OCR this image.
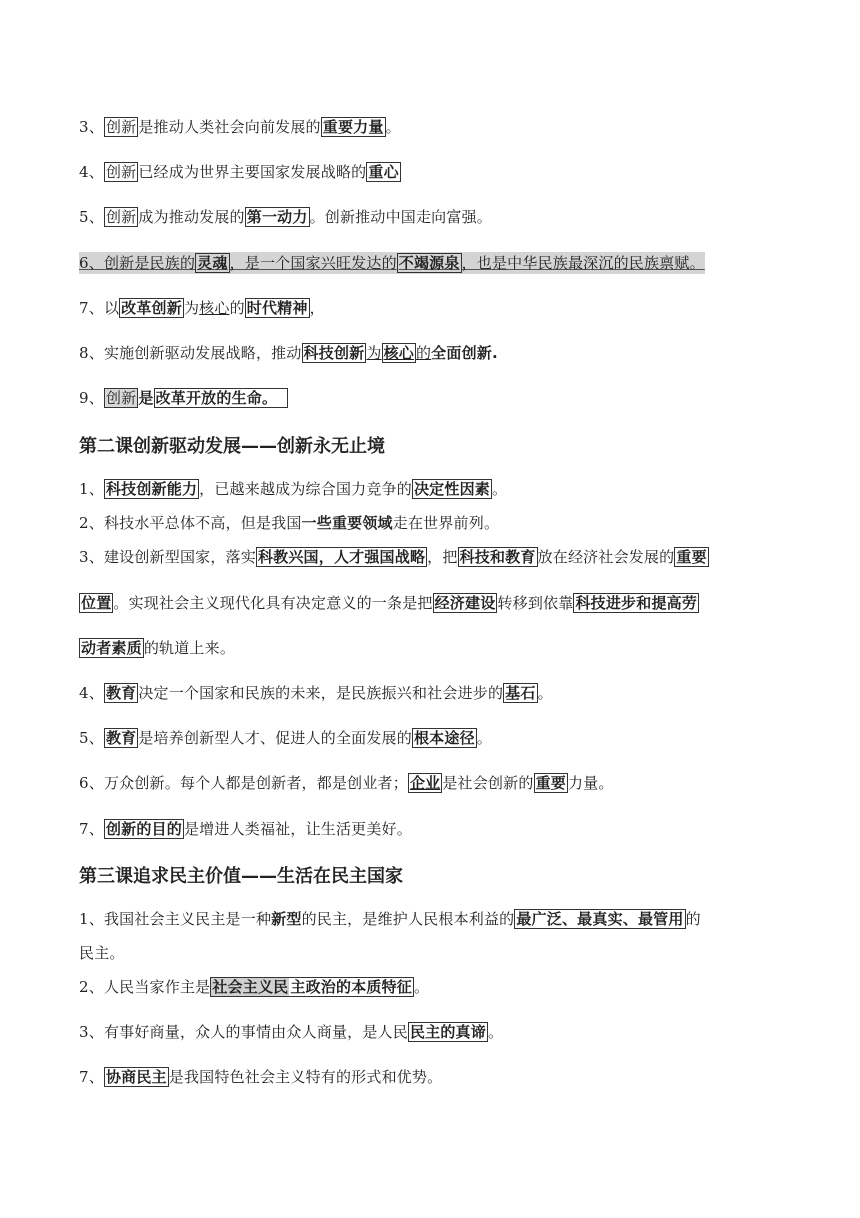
3、 创新 是推动人类社会向前发展的 重要力量 。
4、 创新 已经成为世界主要国家发展战略的 重心
5、 创新 成为推动发展的 第一动力 。创新推动中国走向富强。
6、创新是民族的 灵魂 ，是一个国家兴旺发达的 不竭源泉 ，也是中华民族最深沉的民族禀赋。
7、以 改革创新 为核心的 时代精神 ，
8、实施创新驱动发展战略，推动 科技创新 为 核心 的全面创新.
9、 创新 是 改革开放的生命。
第二课创新驱动发展——创新永无止境
1、 科技创新能力 ，已越来越成为综合国力竞争的 决定性因素 。
2、科技水平总体不高，但是我国一些重要领域走在世界前列。
3、建设创新型国家，落实 科教兴国，人才强国战略 ，把 科技和教育 放在经济社会发展的 重要
位置 。实现社会主义现代化具有决定意义的一条是把 经济建设 转移到依靠 科技进步和提高劳
动者素质 的轨道上来。
4、 教育 决定一个国家和民族的未来，是民族振兴和社会进步的 基石 。
5、 教育 是培养创新型人才、促进人的全面发展的 根本途径 。
6、万众创新。每个人都是创新者，都是创业者； 企业 是社会创新的 重要 力量。
7、 创新的目的 是增进人类福祉，让生活更美好。
第三课追求民主价值——生活在民主国家
1、我国社会主义民主是一种新型的民主，是维护人民根本利益的 最广泛、最真实、最管用 的
民主。
2、人民当家作主是 社会主义民 主政治的本质特征 。
3、有事好商量，众人的事情由众人商量，是人民 民主的真谛 。
7、 协商民主 是我国特色社会主义特有的形式和优势。
